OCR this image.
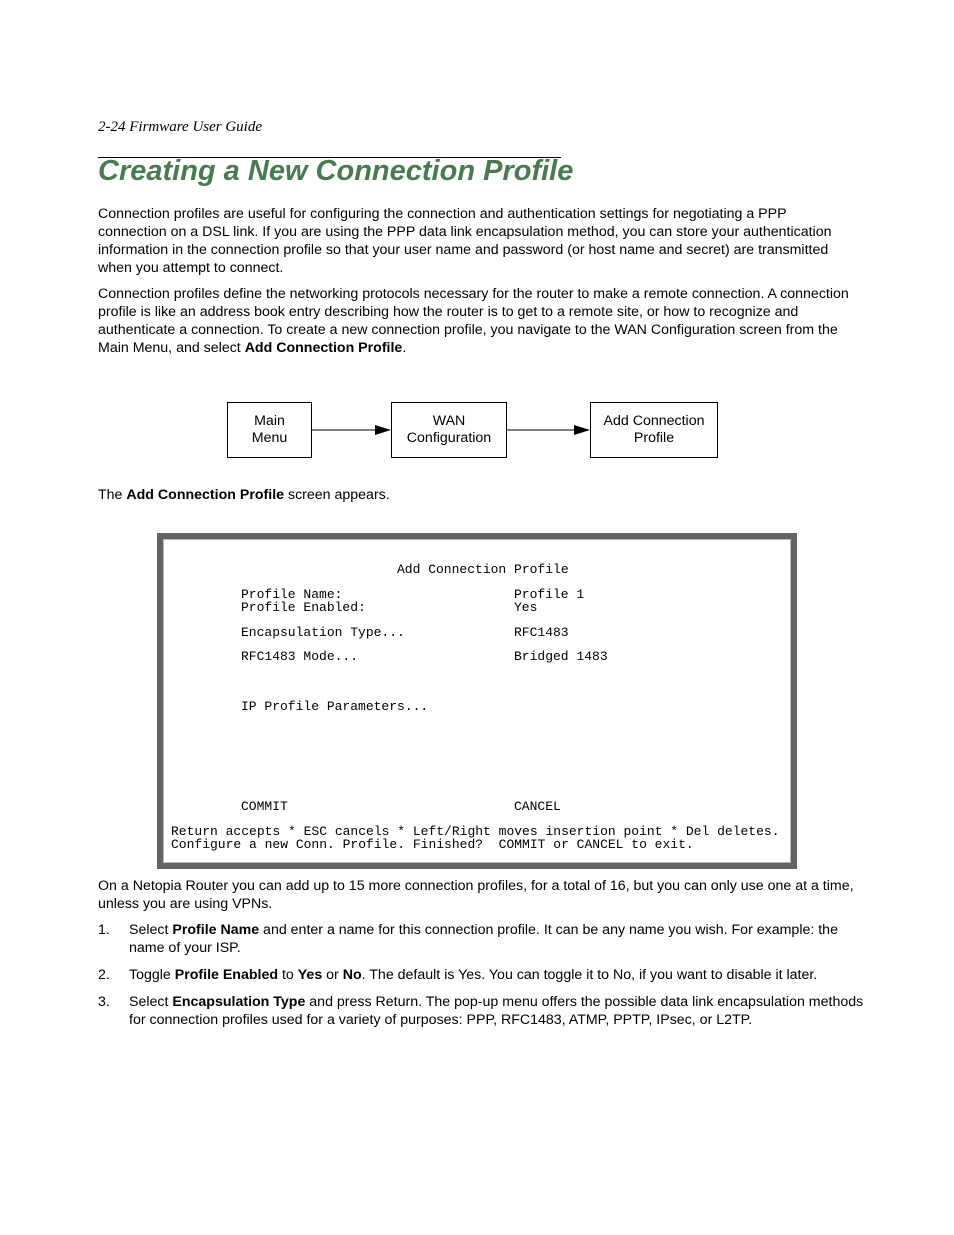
2-24 Firmware User Guide

Creating a New Connection Profile

Connection profiles are useful for configuring the connection and authentication settings for negotiating a PPP connection on a DSL link. If you are using the PPP data link encapsulation method, you can store your authentication information in the connection profile so that your user name and password (or host name and secret) are transmitted when you attempt to connect.

Connection profiles define the networking protocols necessary for the router to make a remote connection. A connection profile is like an address book entry describing how the router is to get to a remote site, or how to recognize and authenticate a connection. To create a new connection profile, you navigate to the WAN Configuration screen from the Main Menu, and select Add Connection Profile.

Main
Menu
WAN
Configuration
Add Connection
Profile

The Add Connection Profile screen appears.

Add Connection Profile

Profile Name:	Profile 1

Profile Enabled:	Yes

Encapsulation Type...	RFC1483

RFC1483 Mode...	Bridged 1483

IP Profile Parameters...

COMMIT	CANCEL

Return accepts * ESC cancels * Left/Right moves insertion point * Del deletes.

Configure a new Conn. Profile. Finished?  COMMIT or CANCEL to exit.

On a Netopia Router you can add up to 15 more connection profiles, for a total of 16, but you can only use one at a time, unless you are using VPNs.

1. Select Profile Name and enter a name for this connection profile. It can be any name you wish. For example: the name of your ISP.
2. Toggle Profile Enabled to Yes or No. The default is Yes. You can toggle it to No, if you want to disable it later.
3. Select Encapsulation Type and press Return. The pop-up menu offers the possible data link encapsulation methods for connection profiles used for a variety of purposes: PPP, RFC1483, ATMP, PPTP, IPsec, or L2TP.
